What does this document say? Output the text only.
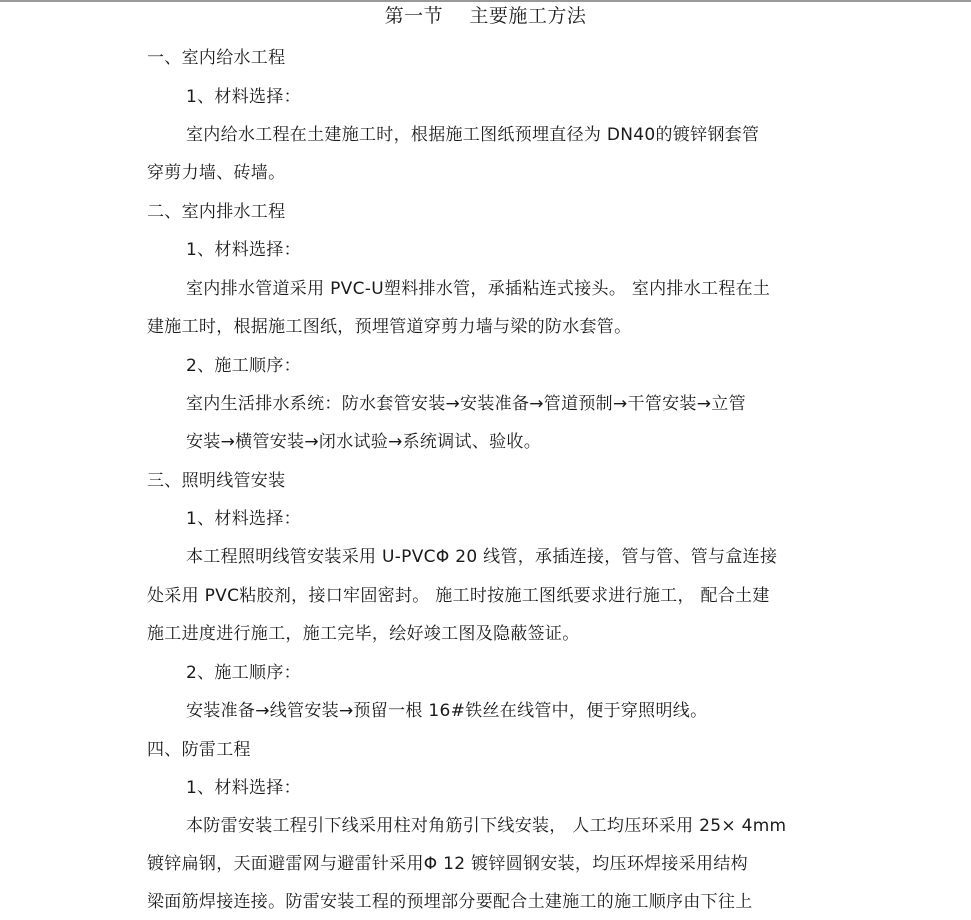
第一节    主要施工方法
一、室内给水工程
1、材料选择：
室内给水工程在土建施工时，根据施工图纸预埋直径为 DN40的镀锌钢套管
穿剪力墙、砖墙。
二、室内排水工程
1、材料选择：
室内排水管道采用 PVC-U塑料排水管，承插粘连式接头。 室内排水工程在土
建施工时，根据施工图纸，预埋管道穿剪力墙与梁的防水套管。
2、施工顺序：
室内生活排水系统：防水套管安装→安装准备→管道预制→干管安装→立管
安装→横管安装→闭水试验→系统调试、验收。
三、照明线管安装
1、材料选择：
本工程照明线管安装采用 U-PVCΦ 20 线管，承插连接，管与管、管与盒连接
处采用 PVC粘胶剂，接口牢固密封。 施工时按施工图纸要求进行施工， 配合土建
施工进度进行施工，施工完毕，绘好竣工图及隐蔽签证。
2、施工顺序：
安装准备→线管安装→预留一根 16#铁丝在线管中，便于穿照明线。
四、防雷工程
1、材料选择：
本防雷安装工程引下线采用柱对角筋引下线安装， 人工均压环采用 25× 4mm
镀锌扁钢，天面避雷网与避雷针采用Φ 12 镀锌圆钢安装，均压环焊接采用结构
梁面筋焊接连接。防雷安装工程的预埋部分要配合土建施工的施工顺序由下往上
